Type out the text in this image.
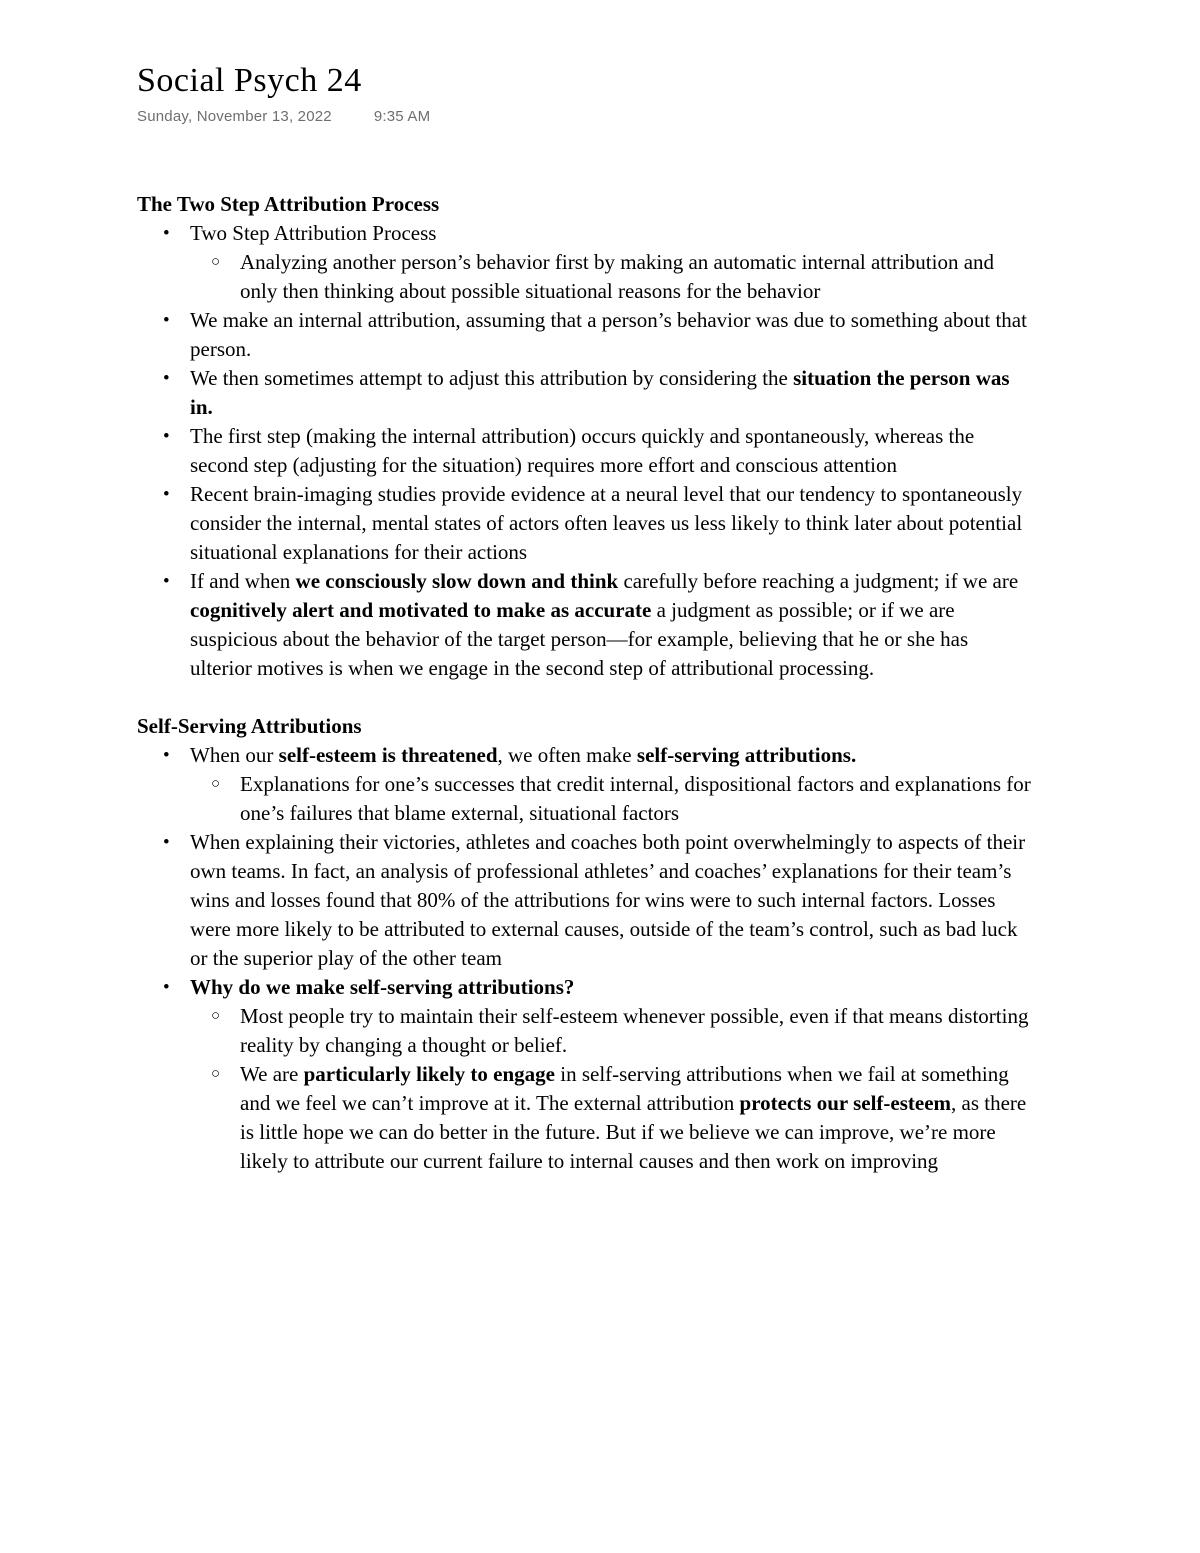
Social Psych 24
Sunday, November 13, 2022	9:35 AM
The Two Step Attribution Process
• Two Step Attribution Process
○ Analyzing another person’s behavior first by making an automatic internal attribution and only then thinking about possible situational reasons for the behavior
• We make an internal attribution, assuming that a person’s behavior was due to something about that person.
• We then sometimes attempt to adjust this attribution by considering the situation the person was in.
• The first step (making the internal attribution) occurs quickly and spontaneously, whereas the second step (adjusting for the situation) requires more effort and conscious attention
• Recent brain-imaging studies provide evidence at a neural level that our tendency to spontaneously consider the internal, mental states of actors often leaves us less likely to think later about potential situational explanations for their actions
• If and when we consciously slow down and think carefully before reaching a judgment; if we are cognitively alert and motivated to make as accurate a judgment as possible; or if we are suspicious about the behavior of the target person—for example, believing that he or she has ulterior motives is when we engage in the second step of attributional processing.
Self-Serving Attributions
• When our self-esteem is threatened, we often make self-serving attributions.
○ Explanations for one’s successes that credit internal, dispositional factors and explanations for one’s failures that blame external, situational factors
• When explaining their victories, athletes and coaches both point overwhelmingly to aspects of their own teams. In fact, an analysis of professional athletes’ and coaches’ explanations for their team’s wins and losses found that 80% of the attributions for wins were to such internal factors. Losses were more likely to be attributed to external causes, outside of the team’s control, such as bad luck or the superior play of the other team
• Why do we make self-serving attributions?
○ Most people try to maintain their self-esteem whenever possible, even if that means distorting reality by changing a thought or belief.
○ We are particularly likely to engage in self-serving attributions when we fail at something and we feel we can’t improve at it. The external attribution protects our self-esteem, as there is little hope we can do better in the future. But if we believe we can improve, we’re more likely to attribute our current failure to internal causes and then work on improving
